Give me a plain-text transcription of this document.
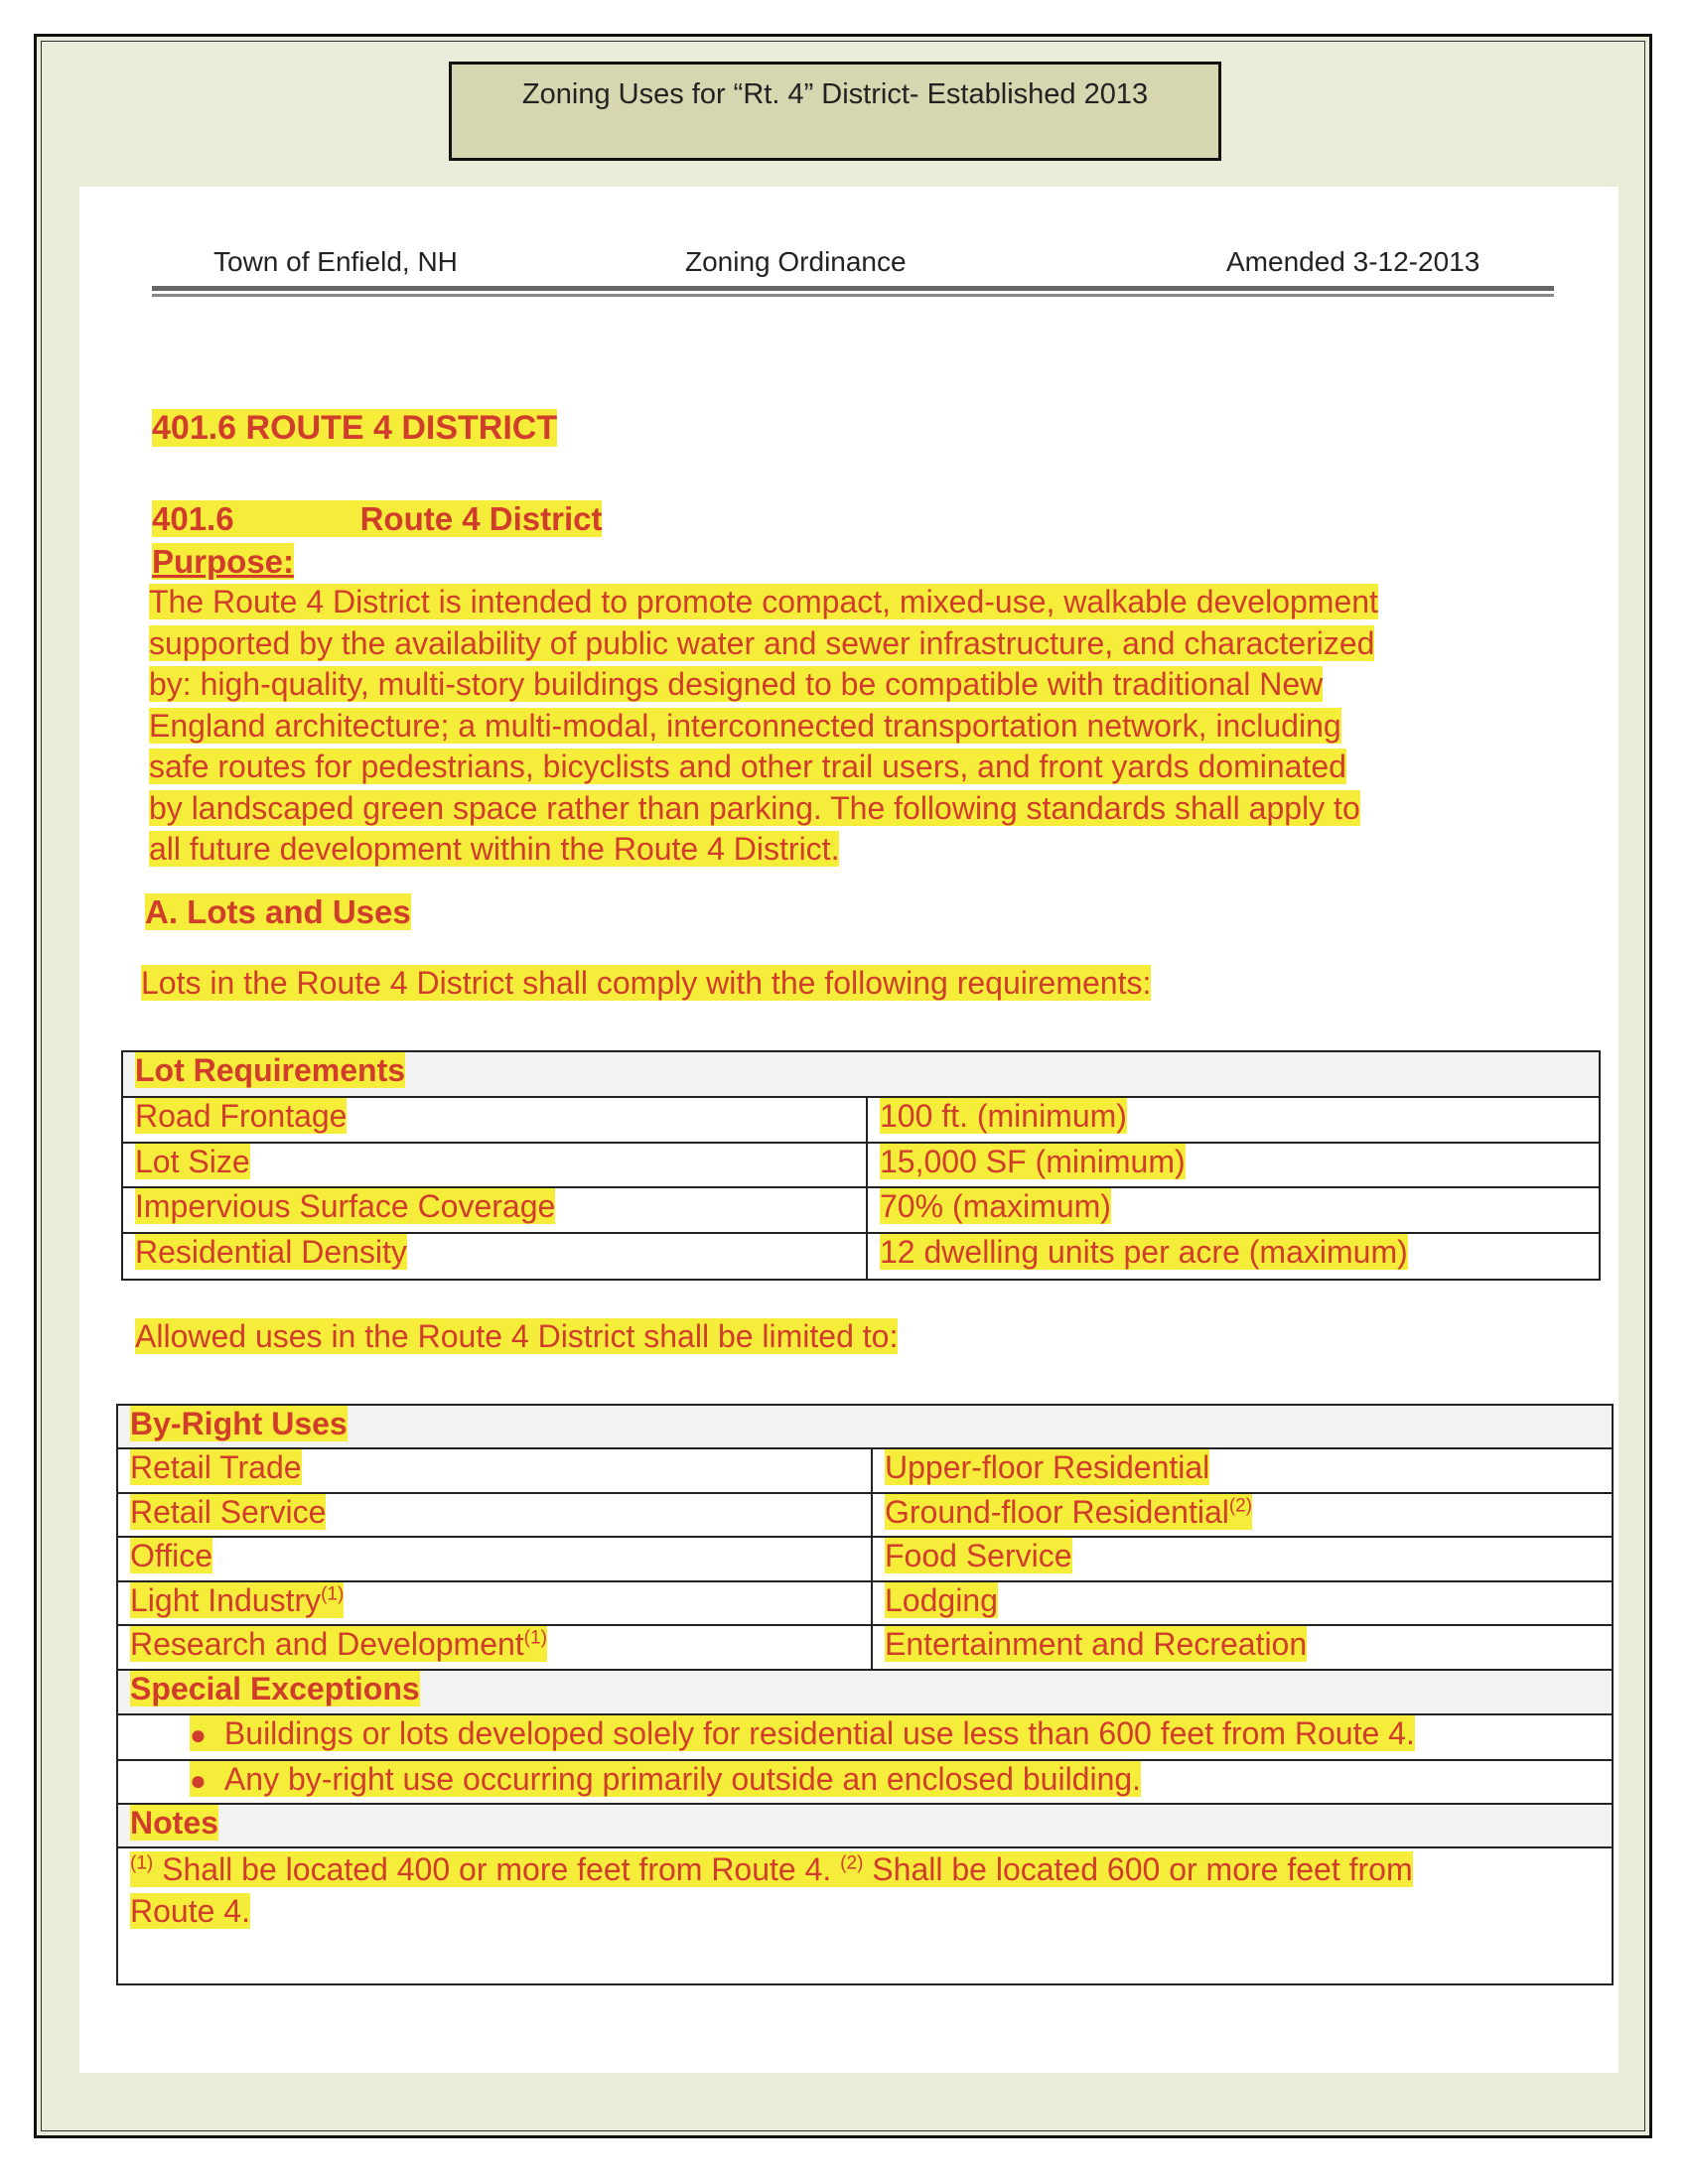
Zoning Uses for “Rt. 4” District- Established 2013
Town of Enfield, NH	Zoning Ordinance	Amended 3-12-2013
401.6 ROUTE 4 DISTRICT
401.6	Route 4 District
Purpose:
The Route 4 District is intended to promote compact, mixed-use, walkable development
supported by the availability of public water and sewer infrastructure, and characterized
by: high-quality, multi-story buildings designed to be compatible with traditional New
England architecture; a multi-modal, interconnected transportation network, including
safe routes for pedestrians, bicyclists and other trail users, and front yards dominated
by landscaped green space rather than parking. The following standards shall apply to
all future development within the Route 4 District.
A. Lots and Uses
Lots in the Route 4 District shall comply with the following requirements:
Lot Requirements
Road Frontage	100 ft. (minimum)
Lot Size	15,000 SF (minimum)
Impervious Surface Coverage	70% (maximum)
Residential Density	12 dwelling units per acre (maximum)
Allowed uses in the Route 4 District shall be limited to:
By-Right Uses
Retail Trade	Upper-floor Residential
Retail Service	Ground-floor Residential$^{(2)}$
Office	Food Service
Light Industry$^{(1)}$	Lodging
Research and Development$^{(1)}$	Entertainment and Recreation
Special Exceptions
● Buildings or lots developed solely for residential use less than 600 feet from Route 4.
● Any by-right use occurring primarily outside an enclosed building.
Notes
$^{(1)}$ Shall be located 400 or more feet from Route 4. $^{(2)}$ Shall be located 600 or more feet from
Route 4.
